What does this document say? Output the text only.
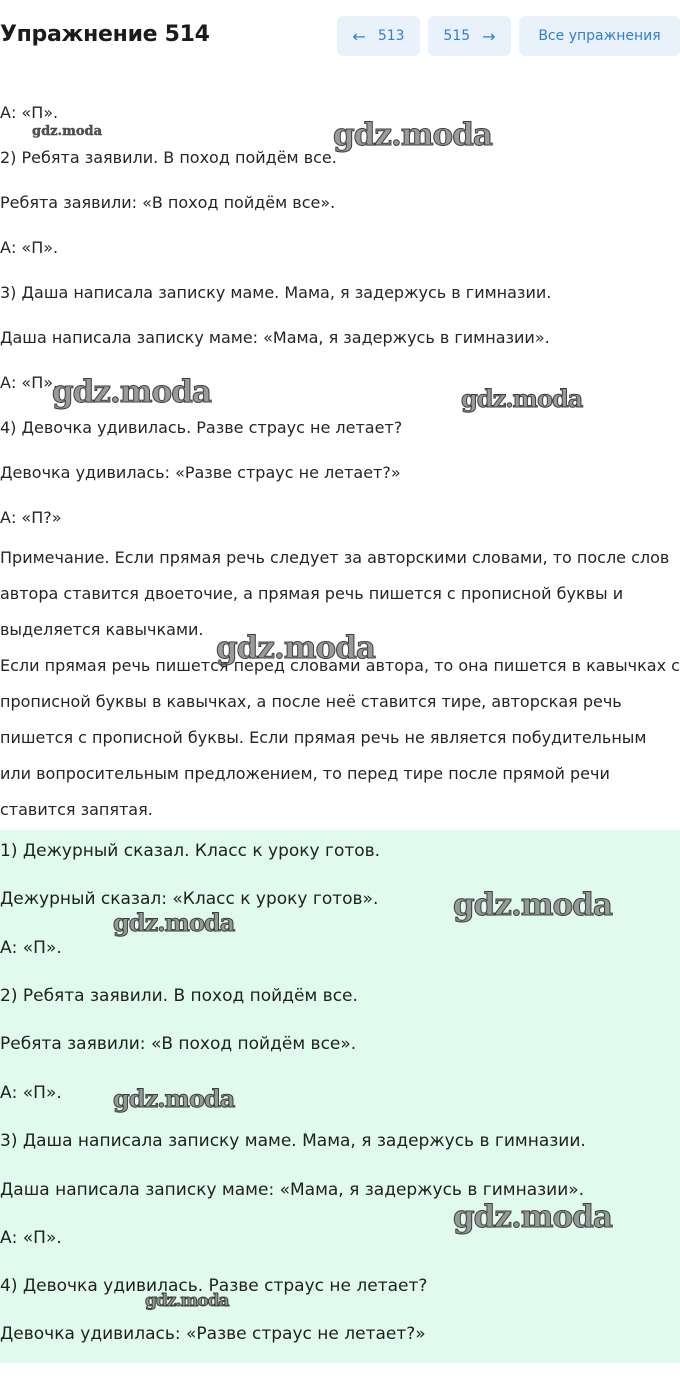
Упражнение 514	← 513	515 →	Все упражнения

А: «П».

2) Ребята заявили. В поход пойдём все.

Ребята заявили: «В поход пойдём все».

А: «П».

3) Даша написала записку маме. Мама, я задержусь в гимназии.

Даша написала записку маме: «Мама, я задержусь в гимназии».

А: «П».

4) Девочка удивилась. Разве страус не летает?

Девочка удивилась: «Разве страус не летает?»

А: «П?»

Примечание. Если прямая речь следует за авторскими словами, то после слов автора ставится двоеточие, а прямая речь пишется с прописной буквы и выделяется кавычками.

Если прямая речь пишется перед словами автора, то она пишется в кавычках с прописной буквы в кавычках, а после неё ставится тире, авторская речь пишется с прописной буквы. Если прямая речь не является побудительным или вопросительным предложением, то перед тире после прямой речи ставится запятая.

1) Дежурный сказал. Класс к уроку готов.

Дежурный сказал: «Класс к уроку готов».

А: «П».

2) Ребята заявили. В поход пойдём все.

Ребята заявили: «В поход пойдём все».

А: «П».

3) Даша написала записку маме. Мама, я задержусь в гимназии.

Даша написала записку маме: «Мама, я задержусь в гимназии».

А: «П».

4) Девочка удивилась. Разве страус не летает?

Девочка удивилась: «Разве страус не летает?»

gdz.moda	gdz.moda
gdz.moda	gdz.moda
gdz.moda
gdz.moda
gdz.moda
gdz.moda
gdz.moda
gdz.moda
